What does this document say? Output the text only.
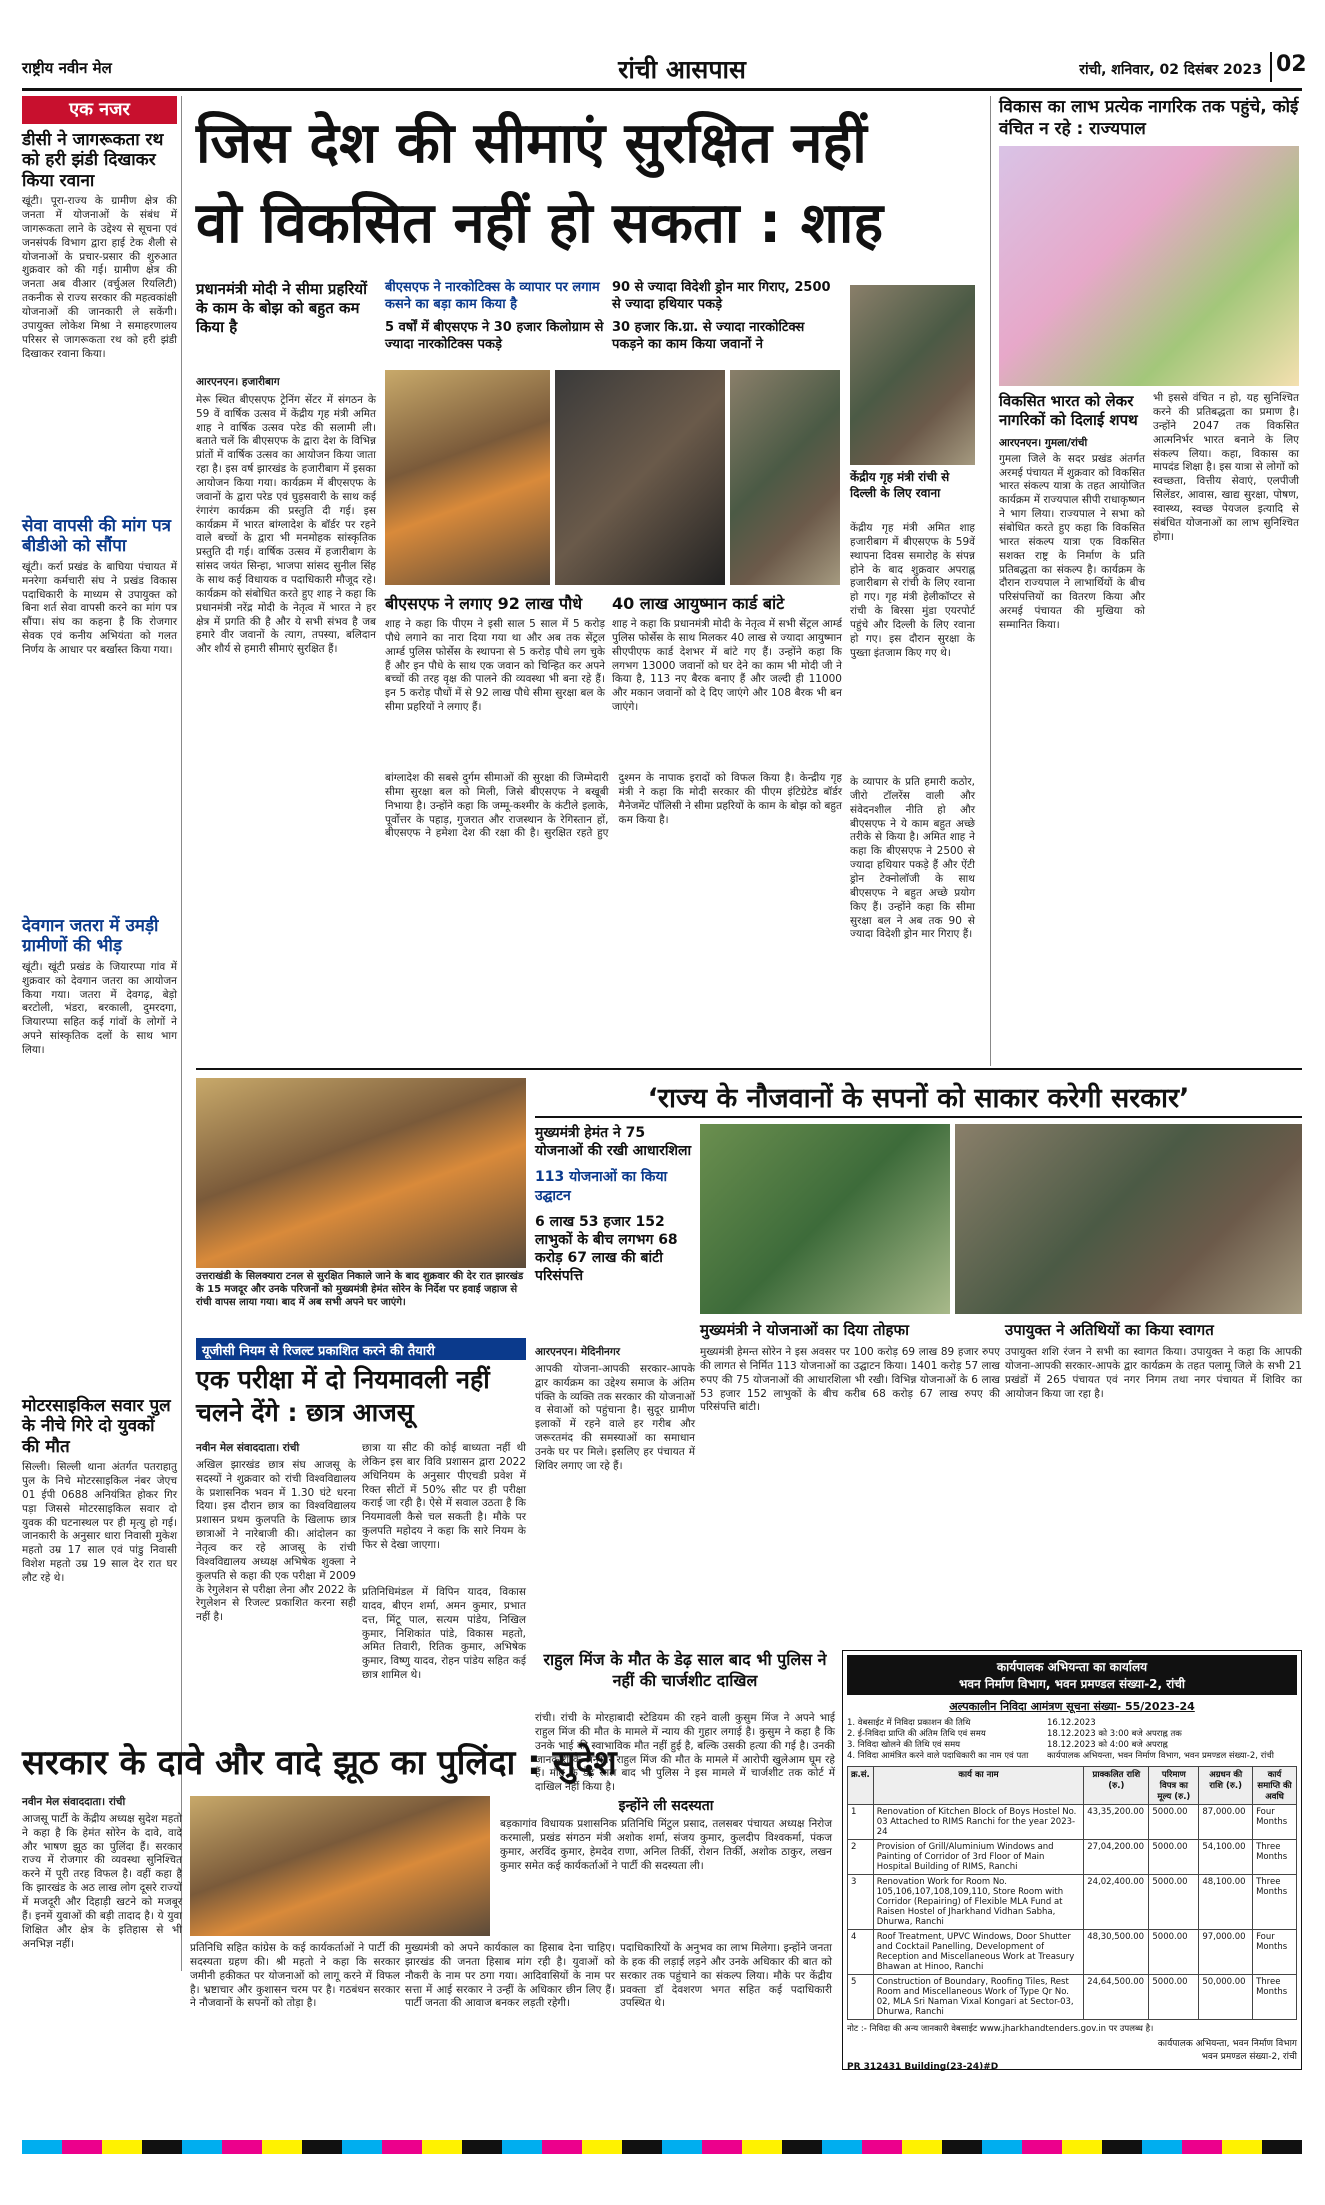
राष्ट्रीय नवीन मेल	रांची आसपास	रांची, शनिवार, 02 दिसंबर 2023 02
एक नजर
डीसी ने जागरूकता रथ को हरी झंडी दिखाकर किया रवाना
खूंटी। पूरा-राज्य के ग्रामीण क्षेत्र की जनता में योजनाओं के संबंध में जागरूकता लाने के उद्देश्य से सूचना एवं जनसंपर्क विभाग द्वारा हाई टेक शैली से योजनाओं के प्रचार-प्रसार की शुरुआत शुक्रवार को की गई। ग्रामीण क्षेत्र की जनता अब वीआर (वर्चुअल रियलिटी) तकनीक से राज्य सरकार की महत्वकांक्षी योजनाओं की जानकारी ले सकेंगी। उपायुक्त लोकेश मिश्रा ने समाहरणालय परिसर से जागरूकता रथ को हरी झंडी दिखाकर रवाना किया।
सेवा वापसी की मांग पत्र बीडीओ को सौंपा
खूंटी। कर्रा प्रखंड के बाघिया पंचायत में मनरेगा कर्मचारी संघ ने प्रखंड विकास पदाधिकारी के माध्यम से उपायुक्त को बिना शर्त सेवा वापसी करने का मांग पत्र सौंपा। संघ का कहना है कि रोजगार सेवक एवं कनीय अभियंता को गलत निर्णय के आधार पर बर्खास्त किया गया।
देवगान जतरा में उमड़ी ग्रामीणों की भीड़
खूंटी। खूंटी प्रखंड के जियारप्पा गांव में शुक्रवार को देवगान जतरा का आयोजन किया गया। जतरा में देवगढ़, बेड़ो बरटोली, भंडरा, बरकाली, दुमरदगा, जियारप्पा सहित कई गांवों के लोगों ने अपने सांस्कृतिक दलों के साथ भाग लिया।
मोटरसाइकिल सवार पुल के नीचे गिरे दो युवकों की मौत
सिल्ली। सिल्ली थाना अंतर्गत पतराहातु पुल के निचे मोटरसाइकिल नंबर जेएच 01 ईपी 0688 अनियंत्रित होकर गिर पड़ा जिससे मोटरसाइकिल सवार दो युवक की घटनास्थल पर ही मृत्यु हो गई। जानकारी के अनुसार धारा निवासी मुकेश महतो उम्र 17 साल एवं पांडु निवासी विशेश महतो उम्र 19 साल देर रात घर लौट रहे थे।
जिस देश की सीमाएं सुरक्षित नहीं
वो विकसित नहीं हो सकता : शाह
प्रधानमंत्री मोदी ने सीमा प्रहरियों के काम के बोझ को बहुत कम किया है
बीएसएफ ने नारकोटिक्स के व्यापार पर लगाम कसने का बड़ा काम किया है
5 वर्षों में बीएसएफ ने 30 हजार किलोग्राम से ज्यादा नारकोटिक्स पकड़े
90 से ज्यादा विदेशी ड्रोन मार गिराए, 2500 से ज्यादा हथियार पकड़े
30 हजार कि.ग्रा. से ज्यादा नारकोटिक्स पकड़ने का काम किया जवानों ने
आरएनएन। हजारीबाग
मेरू स्थित बीएसएफ ट्रेनिंग सेंटर में संगठन के 59 वें वार्षिक उत्सव में केंद्रीय गृह मंत्री अमित शाह ने वार्षिक उत्सव परेड की सलामी ली। बताते चलें कि बीएसएफ के द्वारा देश के विभिन्न प्रांतों में वार्षिक उत्सव का आयोजन किया जाता रहा है। इस वर्ष झारखंड के हजारीबाग में इसका आयोजन किया गया। कार्यक्रम में बीएसएफ के जवानों के द्वारा परेड एवं घुड़सवारी के साथ कई रंगारंग कार्यक्रम की प्रस्तुति दी गई। इस कार्यक्रम में भारत बांग्लादेश के बॉर्डर पर रहने वाले बच्चों के द्वारा भी मनमोहक सांस्कृतिक प्रस्तुति दी गई। वार्षिक उत्सव में हजारीबाग के सांसद जयंत सिन्हा, भाजपा सांसद सुनील सिंह के साथ कई विधायक व पदाधिकारी मौजूद रहे। कार्यक्रम को संबोधित करते हुए शाह ने कहा कि प्रधानमंत्री नरेंद्र मोदी के नेतृत्व में भारत ने हर क्षेत्र में प्रगति की है और ये सभी संभव है जब हमारे वीर जवानों के त्याग, तपस्या, बलिदान और शौर्य से हमारी सीमाएं सुरक्षित हैं।
बीएसएफ ने लगाए 92 लाख पौधे
शाह ने कहा कि पीएम ने इसी साल 5 साल में 5 करोड़ पौधे लगाने का नारा दिया गया था और अब तक सेंट्रल आर्म्ड पुलिस फोर्सेस के स्थापना से 5 करोड़ पौधे लग चुके हैं और इन पौधे के साथ एक जवान को चिन्हित कर अपने बच्चों की तरह वृक्ष की पालने की व्यवस्था भी बना रहे हैं। इन 5 करोड़ पौधों में से 92 लाख पौधे सीमा सुरक्षा बल के सीमा प्रहरियों ने लगाए हैं।
40 लाख आयुष्मान कार्ड बांटे
शाह ने कहा कि प्रधानमंत्री मोदी के नेतृत्व में सभी सेंट्रल आर्म्ड पुलिस फोर्सेस के साथ मिलकर 40 लाख से ज्यादा आयुष्मान सीएपीएफ कार्ड देशभर में बांटे गए हैं। उन्होंने कहा कि लगभग 13000 जवानों को घर देने का काम भी मोदी जी ने किया है, 113 नए बैरक बनाए हैं और जल्दी ही 11000 और मकान जवानों को दे दिए जाएंगे और 108 बैरक भी बन जाएंगे।
बांग्लादेश की सबसे दुर्गम सीमाओं की सुरक्षा की जिम्मेदारी सीमा सुरक्षा बल को मिली, जिसे बीएसएफ ने बखूबी निभाया है। उन्होंने कहा कि जम्मू-कश्मीर के कंटीले इलाके, पूर्वोत्तर के पहाड़, गुजरात और राजस्थान के रेगिस्तान हों, बीएसएफ ने हमेशा देश की रक्षा की है। सुरक्षित रहते हुए दुश्मन के नापाक इरादों को विफल किया है। केन्द्रीय गृह मंत्री ने कहा कि मोदी सरकार की पीएम इंटिग्रेटेड बॉर्डर मैनेजमेंट पॉलिसी ने सीमा प्रहरियों के काम के बोझ को बहुत कम किया है।
केंद्रीय गृह मंत्री रांची से दिल्ली के लिए रवाना
केंद्रीय गृह मंत्री अमित शाह हजारीबाग में बीएसएफ के 59वें स्थापना दिवस समारोह के संपन्न होने के बाद शुक्रवार अपराह्न हजारीबाग से रांची के लिए रवाना हो गए। गृह मंत्री हेलीकॉप्टर से रांची के बिरसा मुंडा एयरपोर्ट पहुंचे और दिल्ली के लिए रवाना हो गए। इस दौरान सुरक्षा के पुख्ता इंतजाम किए गए थे।
के व्यापार के प्रति हमारी कठोर, जीरो टॉलरेंस वाली और संवेदनशील नीति हो और बीएसएफ ने ये काम बहुत अच्छे तरीके से किया है। अमित शाह ने कहा कि बीएसएफ ने 2500 से ज्यादा हथियार पकड़े हैं और ऐंटी ड्रोन टेक्नोलॉजी के साथ बीएसएफ ने बहुत अच्छे प्रयोग किए हैं। उन्होंने कहा कि सीमा सुरक्षा बल ने अब तक 90 से ज्यादा विदेशी ड्रोन मार गिराए हैं।
विकास का लाभ प्रत्येक नागरिक तक पहुंचे, कोई वंचित न रहे : राज्यपाल
विकसित भारत को लेकर नागरिकों को दिलाई शपथ
आरएनएन। गुमला/रांची
गुमला जिले के सदर प्रखंड अंतर्गत अरमई पंचायत में शुक्रवार को विकसित भारत संकल्प यात्रा के तहत आयोजित कार्यक्रम में राज्यपाल सीपी राधाकृष्णन ने भाग लिया। राज्यपाल ने सभा को संबोधित करते हुए कहा कि विकसित भारत संकल्प यात्रा एक विकसित सशक्त राष्ट्र के निर्माण के प्रति प्रतिबद्धता का संकल्प है। कार्यक्रम के दौरान राज्यपाल ने लाभार्थियों के बीच परिसंपत्तियों का वितरण किया और अरमई पंचायत की मुखिया को सम्मानित किया।
भी इससे वंचित न हो, यह सुनिश्चित करने की प्रतिबद्धता का प्रमाण है। उन्होंने 2047 तक विकसित आत्मनिर्भर भारत बनाने के लिए संकल्प लिया। कहा, विकास का मापदंड शिक्षा है। इस यात्रा से लोगों को स्वच्छता, वित्तीय सेवाएं, एलपीजी सिलेंडर, आवास, खाद्य सुरक्षा, पोषण, स्वास्थ्य, स्वच्छ पेयजल इत्यादि से संबंधित योजनाओं का लाभ सुनिश्चित होगा।
उत्तराखंडी के सिलक्यारा टनल से सुरक्षित निकाले जाने के बाद शुक्रवार की देर रात झारखंड के 15 मजदूर और उनके परिजनों को मुख्यमंत्री हेमंत सोरेन के निर्देश पर हवाई जहाज से रांची वापस लाया गया। बाद में अब सभी अपने घर जाएंगे।
‘राज्य के नौजवानों के सपनों को साकार करेगी सरकार’
मुख्यमंत्री हेमंत ने 75 योजनाओं की रखी आधारशिला
113 योजनाओं का किया उद्घाटन
6 लाख 53 हजार 152 लाभुकों के बीच लगभग 68 करोड़ 67 लाख की बांटी परिसंपत्ति
मुख्यमंत्री ने योजनाओं का दिया तोहफा	उपायुक्त ने अतिथियों का किया स्वागत
आरएनएन। मेदिनीनगर
आपकी योजना-आपकी सरकार-आपके द्वार कार्यक्रम का उद्देश्य समाज के अंतिम पंक्ति के व्यक्ति तक सरकार की योजनाओं व सेवाओं को पहुंचाना है। सुदूर ग्रामीण इलाकों में रहने वाले हर गरीब और जरूरतमंद की समस्याओं का समाधान उनके घर पर मिले। इसलिए हर पंचायत में शिविर लगाए जा रहे हैं।
मुख्यमंत्री हेमन्त सोरेन ने इस अवसर पर 100 करोड़ 69 लाख 89 हजार रुपए की लागत से निर्मित 113 योजनाओं का उद्घाटन किया। 1401 करोड़ 57 लाख रुपए की 75 योजनाओं की आधारशिला भी रखी। विभिन्न योजनाओं के 6 लाख 53 हजार 152 लाभुकों के बीच करीब 68 करोड़ 67 लाख रुपए की परिसंपत्ति बांटी।
उपायुक्त शशि रंजन ने सभी का स्वागत किया। उपायुक्त ने कहा कि आपकी योजना-आपकी सरकार-आपके द्वार कार्यक्रम के तहत पलामू जिले के सभी 21 प्रखंडों में 265 पंचायत एवं नगर निगम तथा नगर पंचायत में शिविर का आयोजन किया जा रहा है।
यूजीसी नियम से रिजल्ट प्रकाशित करने की तैयारी
एक परीक्षा में दो नियमावली नहीं चलने देंगे : छात्र आजसू
नवीन मेल संवाददाता। रांची
अखिल झारखंड छात्र संघ आजसू के सदस्यों ने शुक्रवार को रांची विश्वविद्यालय के प्रशासनिक भवन में 1.30 घंटे धरना दिया। इस दौरान छात्र का विश्वविद्यालय प्रशासन प्रथम कुलपति के खिलाफ छात्र छात्राओं ने नारेबाजी की। आंदोलन का नेतृत्व कर रहे आजसू के रांची विश्वविद्यालय अध्यक्ष अभिषेक शुक्ला ने कुलपति से कहा की एक परीक्षा में 2009 के रेगुलेशन से परीक्षा लेना और 2022 के रेगुलेशन से रिजल्ट प्रकाशित करना सही नहीं है।
छात्रा या सीट की कोई बाध्यता नहीं थी लेकिन इस बार विवि प्रशासन द्वारा 2022 अधिनियम के अनुसार पीएचडी प्रवेश में रिक्त सीटों में 50% सीट पर ही परीक्षा कराई जा रही है। ऐसे में सवाल उठता है कि नियमावली कैसे चल सकती है। मौके पर कुलपति महोदय ने कहा कि सारे नियम के फिर से देखा जाएगा।
प्रतिनिधिमंडल में विपिन यादव, विकास यादव, बीएन शर्मा, अमन कुमार, प्रभात दत्त, मिंटू पाल, सत्यम पांडेय, निखिल कुमार, निशिकांत पांडे, विकास महतो, अमित तिवारी, रितिक कुमार, अभिषेक कुमार, विष्णु यादव, रोहन पांडेय सहित कई छात्र शामिल थे।
राहुल मिंज के मौत के डेढ़ साल बाद भी पुलिस ने नहीं की चार्जशीट दाखिल
रांची। रांची के मोरहाबादी स्टेडियम की रहने वाली कुसुम मिंज ने अपने भाई राहुल मिंज की मौत के मामले में न्याय की गुहार लगाई है। कुसुम ने कहा है कि उनके भाई की स्वाभाविक मौत नहीं हुई है, बल्कि उसकी हत्या की गई है। उनकी जानकारी के अनुसार राहुल मिंज की मौत के मामले में आरोपी खुलेआम घूम रहे हैं। मौत के डेढ़ साल बाद भी पुलिस ने इस मामले में चार्जशीट तक कोर्ट में दाखिल नहीं किया है।
कार्यपालक अभियन्ता का कार्यालय
भवन निर्माण विभाग, भवन प्रमण्डल संख्या-2, रांची
अल्पकालीन निविदा आमंत्रण सूचना संख्या- 55/2023-24
1. वेबसाईट में निविदा प्रकाशन की तिथि	16.12.2023
2. ई-निविदा प्राप्ति की अंतिम तिथि एवं समय	18.12.2023 को 3:00 बजे अपराह्न तक
3. निविदा खोलने की तिथि एवं समय	18.12.2023 को 4:00 बजे अपराह्न
4. निविदा आमंत्रित करने वाले पदाधिकारी का नाम एवं पता	कार्यपालक अभियन्ता, भवन निर्माण विभाग, भवन प्रमण्डल संख्या-2, रांची
क्र.सं.	कार्य का नाम	प्राक्कलित राशि (रु.)	परिमाण विपत्र का मूल्य (रु.)	अग्रधन की राशि (रु.)	कार्य समाप्ति की अवधि
1	Renovation of Kitchen Block of Boys Hostel No. 03 Attached to RIMS Ranchi for the year 2023-24	43,35,200.00	5000.00	87,000.00	Four Months
2	Provision of Grill/Aluminium Windows and Painting of Corridor of 3rd Floor of Main Hospital Building of RIMS, Ranchi	27,04,200.00	5000.00	54,100.00	Three Months
3	Renovation Work for Room No. 105,106,107,108,109,110, Store Room with Corridor (Repairing) of Flexible MLA Fund at Raisen Hostel of Jharkhand Vidhan Sabha, Dhurwa, Ranchi	24,02,400.00	5000.00	48,100.00	Three Months
4	Roof Treatment, UPVC Windows, Door Shutter and Cocktail Panelling, Development of Reception and Miscellaneous Work at Treasury Bhawan at Hinoo, Ranchi	48,30,500.00	5000.00	97,000.00	Four Months
5	Construction of Boundary, Roofing Tiles, Rest Room and Miscellaneous Work of Type Qr No. 02, MLA Sri Naman Vixal Kongari at Sector-03, Dhurwa, Ranchi	24,64,500.00	5000.00	50,000.00	Three Months
नोट :- निविदा की अन्य जानकारी वेबसाईट www.jharkhandtenders.gov.in पर उपलब्ध है।
कार्यपालक अभियन्ता, भवन निर्माण विभाग
भवन प्रमण्डल संख्या-2, रांची
PR 312431 Building(23-24)#D
सरकार के दावे और वादे झूठ का पुलिंदा : सुदेश
नवीन मेल संवाददाता। रांची
आजसू पार्टी के केंद्रीय अध्यक्ष सुदेश महतो ने कहा है कि हेमंत सोरेन के दावे, वादे और भाषण झूठ का पुलिंदा हैं। सरकार राज्य में रोजगार की व्यवस्था सुनिश्चित करने में पूरी तरह विफल है। वहीं कहा है कि झारखंड के अठ लाख लोग दूसरे राज्यों में मजदूरी और दिहाड़ी खटने को मजबूर हैं। इनमें युवाओं की बड़ी तादाद है। ये युवा शिक्षित और क्षेत्र के इतिहास से भी अनभिज्ञ नहीं।
इन्होंने ली सदस्यता
बड़कागांव विधायक प्रशासनिक प्रतिनिधि मिंटुल प्रसाद, तलसबर पंचायत अध्यक्ष निरोज करमाली, प्रखंड संगठन मंत्री अशोक शर्मा, संजय कुमार, कुलदीप विश्वकर्मा, पंकज कुमार, अरविंद कुमार, हेमदेव राणा, अनिल तिर्की, रोशन तिर्की, अशोक ठाकुर, लखन कुमार समेत कई कार्यकर्ताओं ने पार्टी की सदस्यता ली।
प्रतिनिधि सहित कांग्रेस के कई कार्यकर्ताओं ने पार्टी की सदस्यता ग्रहण की। श्री महतो ने कहा कि सरकार जमीनी हकीकत पर योजनाओं को लागू करने में विफल है। भ्रष्टाचार और कुशासन चरम पर है। गठबंधन सरकार ने नौजवानों के सपनों को तोड़ा है।
मुख्यमंत्री को अपने कार्यकाल का हिसाब देना चाहिए। झारखंड की जनता हिसाब मांग रही है। युवाओं को नौकरी के नाम पर ठगा गया। आदिवासियों के नाम पर सत्ता में आई सरकार ने उन्हीं के अधिकार छीन लिए हैं। पार्टी जनता की आवाज बनकर लड़ती रहेगी।
पदाधिकारियों के अनुभव का लाभ मिलेगा। इन्होंने जनता के हक की लड़ाई लड़ने और उनके अधिकार की बात को सरकार तक पहुंचाने का संकल्प लिया। मौके पर केंद्रीय प्रवक्ता डॉ देवशरण भगत सहित कई पदाधिकारी उपस्थित थे।
